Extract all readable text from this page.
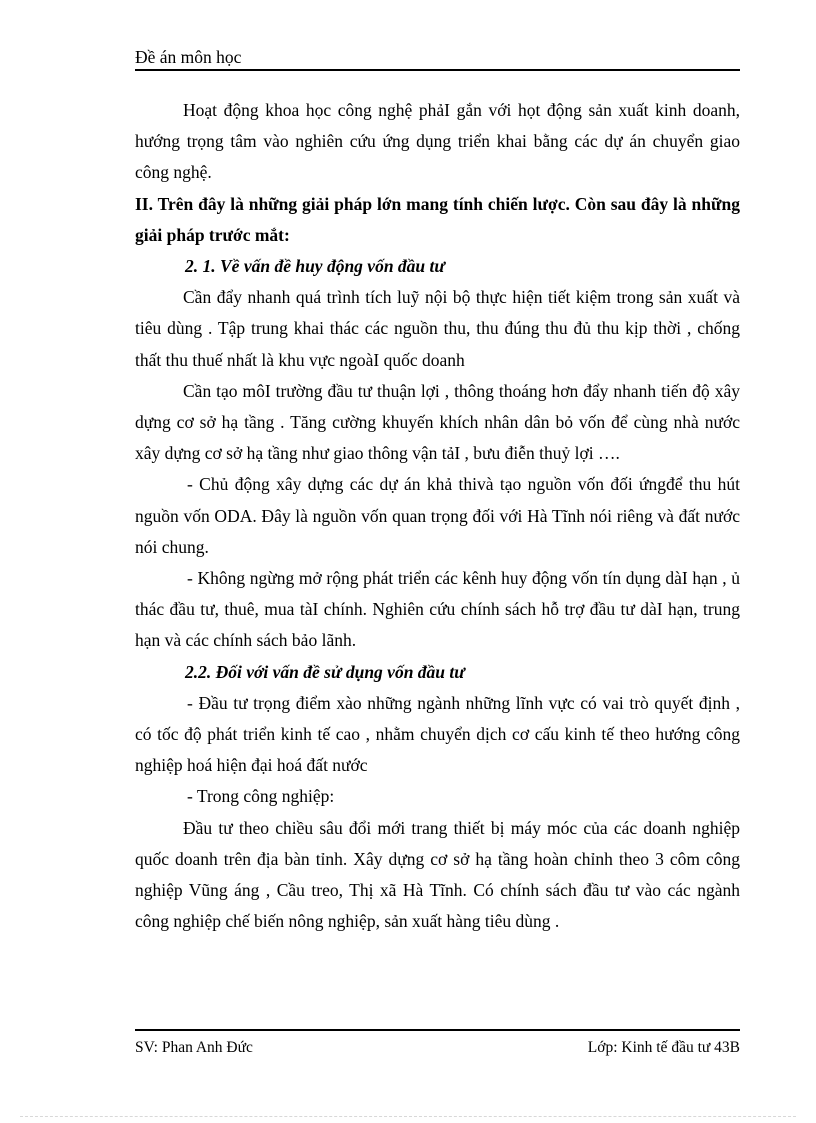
Đề án môn học

Hoạt động khoa học công nghệ phảI gắn với họt động sản xuất kinh doanh, hướng trọng tâm vào nghiên cứu ứng dụng triển khai bằng các dự án chuyển giao công nghệ.

II. Trên đây là những giải pháp lớn mang tính chiến lược. Còn sau đây là những giải pháp trước mắt:

2. 1. Về vấn đề huy động vốn đầu tư

Cần đẩy nhanh quá trình tích luỹ nội bộ thực hiện tiết kiệm trong sản xuất và tiêu dùng . Tập trung khai thác các nguồn thu, thu đúng thu đủ thu kịp thời , chống thất thu thuế nhất là khu vực ngoàI quốc doanh

Cần tạo môI trường đầu tư thuận lợi , thông thoáng hơn đẩy nhanh tiến độ xây dựng cơ sở hạ tầng . Tăng cường khuyến khích nhân dân bỏ vốn để cùng nhà nước xây dựng cơ sở hạ tầng như giao thông vận tảI , bưu điễn thuỷ lợi ….

- Chủ động xây dựng các dự án khả thivà tạo nguồn vốn đối ứngđể thu hút nguồn vốn ODA. Đây là nguồn vốn quan trọng đối với Hà Tĩnh nói riêng và đất nước nói chung.

- Không ngừng mở rộng phát triển các kênh huy động vốn tín dụng dàI hạn , ủ thác đầu tư, thuê, mua tàI chính. Nghiên cứu chính sách hỗ trợ đầu tư dàI hạn, trung hạn và các chính sách bảo lãnh.

2.2. Đối với vấn đề sử dụng vốn đầu tư

- Đầu tư trọng điểm xào những ngành những lĩnh vực có vai trò quyết định , có tốc độ phát triển kinh tế cao , nhằm chuyển dịch cơ cấu kinh tế theo hướng công nghiệp hoá hiện đại hoá đất nước

- Trong công nghiệp:

Đầu tư theo chiều sâu đổi mới trang thiết bị máy móc của các doanh nghiệp quốc doanh trên địa bàn tỉnh. Xây dựng cơ sở hạ tầng hoàn chỉnh theo 3 côm công nghiệp Vũng áng , Cầu treo, Thị xã Hà Tĩnh. Có chính sách đầu tư vào các ngành công nghiệp chế biến nông nghiệp, sản xuất hàng tiêu dùng .

SV: Phan Anh Đức	Lớp: Kinh tế đầu tư 43B
